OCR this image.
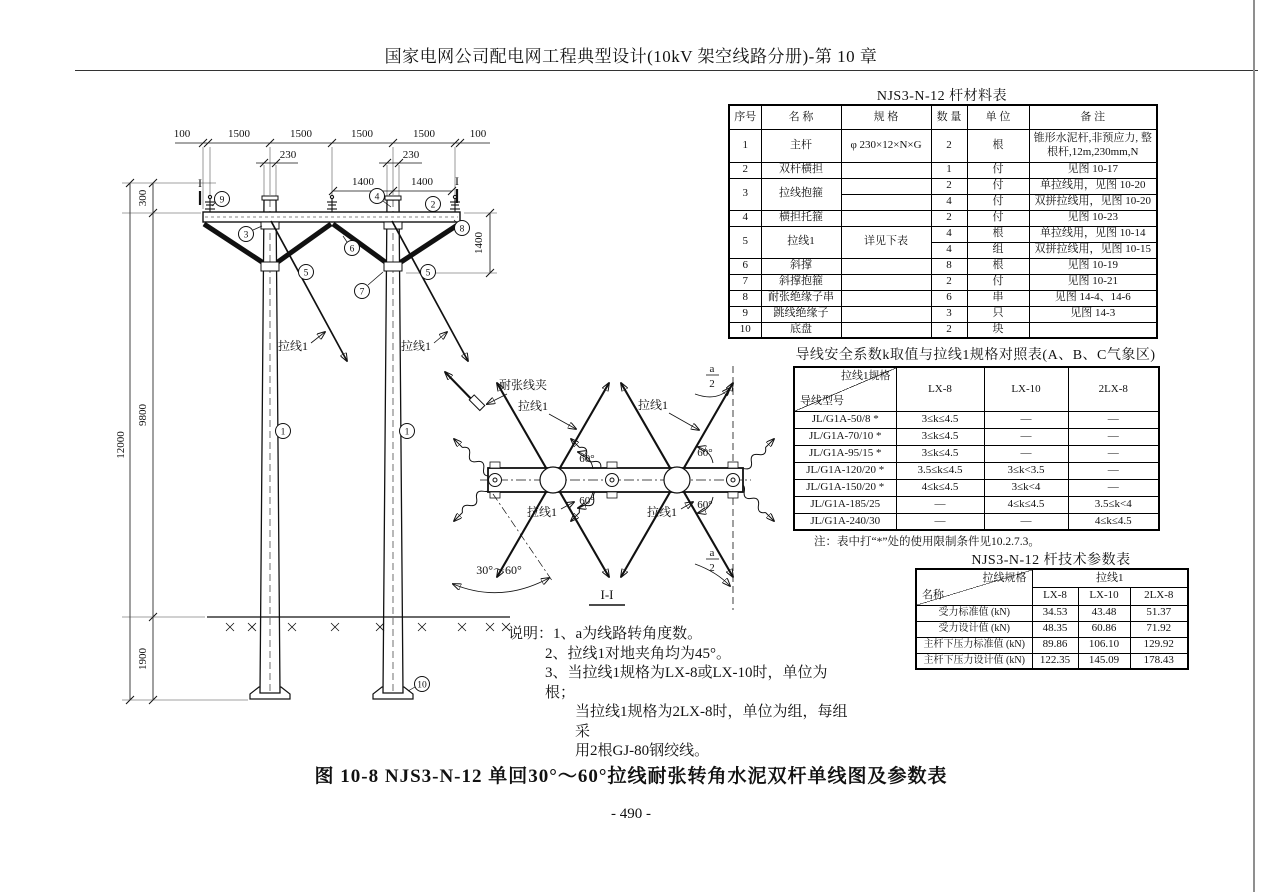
国家电网公司配电网工程典型设计(10kV 架空线路分册)-第 10 章
100	1500	1500	1500	1500	100
230	230
1400	1400
I	I
1400
12000
300
9800
1900
拉线1	拉线1
9
3
4
2
8
6
5
7
5
1	1
10
耐张线夹
拉线1	拉线1
拉线1	拉线1
60°	60°
60°	60°
30°～60°
a
2
a
2
I-I
说明：1、a为线路转角度数。
2、拉线1对地夹角均为45°。
3、当拉线1规格为LX-8或LX-10时，单位为根；
当拉线1规格为2LX-8时，单位为组，每组采
用2根GJ-80钢绞线。
NJS3-N-12 杆材料表
序号	名 称	规 格	数 量	单 位	备 注
1	主杆	φ 230×12×N×G	2	根	锥形水泥杆,非预应力, 整根杆,12m,230mm,N
2	双杆横担		1	付	见图 10-17
3	拉线抱箍		2	付	单拉线用，见图 10-20
			4	付	双拼拉线用，见图 10-20
4	横担托箍		2	付	见图 10-23
5	拉线1	详见下表	4	根	单拉线用，见图 10-14
			4	组	双拼拉线用，见图 10-15
6	斜撑		8	根	见图 10-19
7	斜撑抱箍		2	付	见图 10-21
8	耐张绝缘子串		6	串	见图 14-4、14-6
9	跳线绝缘子		3	只	见图 14-3
10	底盘		2	块	
导线安全系数k取值与拉线1规格对照表(A、B、C气象区)
拉线1规格
导线型号	LX-8	LX-10	2LX-8
JL/G1A-50/8 *	3≤k≤4.5	—	—
JL/G1A-70/10 *	3≤k≤4.5	—	—
JL/G1A-95/15 *	3≤k≤4.5	—	—
JL/G1A-120/20 *	3.5≤k≤4.5	3≤k<3.5	—
JL/G1A-150/20 *	4≤k≤4.5	3≤k<4	—
JL/G1A-185/25	—	4≤k≤4.5	3.5≤k<4
JL/G1A-240/30	—	—	4≤k≤4.5
注：表中打“*”处的使用限制条件见10.2.7.3。
NJS3-N-12 杆技术参数表
拉线规格
名称	拉线1		
	LX-8	LX-10	2LX-8
受力标准值 (kN)	34.53	43.48	51.37
受力设计值 (kN)	48.35	60.86	71.92
主杆下压力标准值 (kN)	89.86	106.10	129.92
主杆下压力设计值 (kN)	122.35	145.09	178.43
图 10-8 NJS3-N-12 单回30°～60°拉线耐张转角水泥双杆单线图及参数表
- 490 -
